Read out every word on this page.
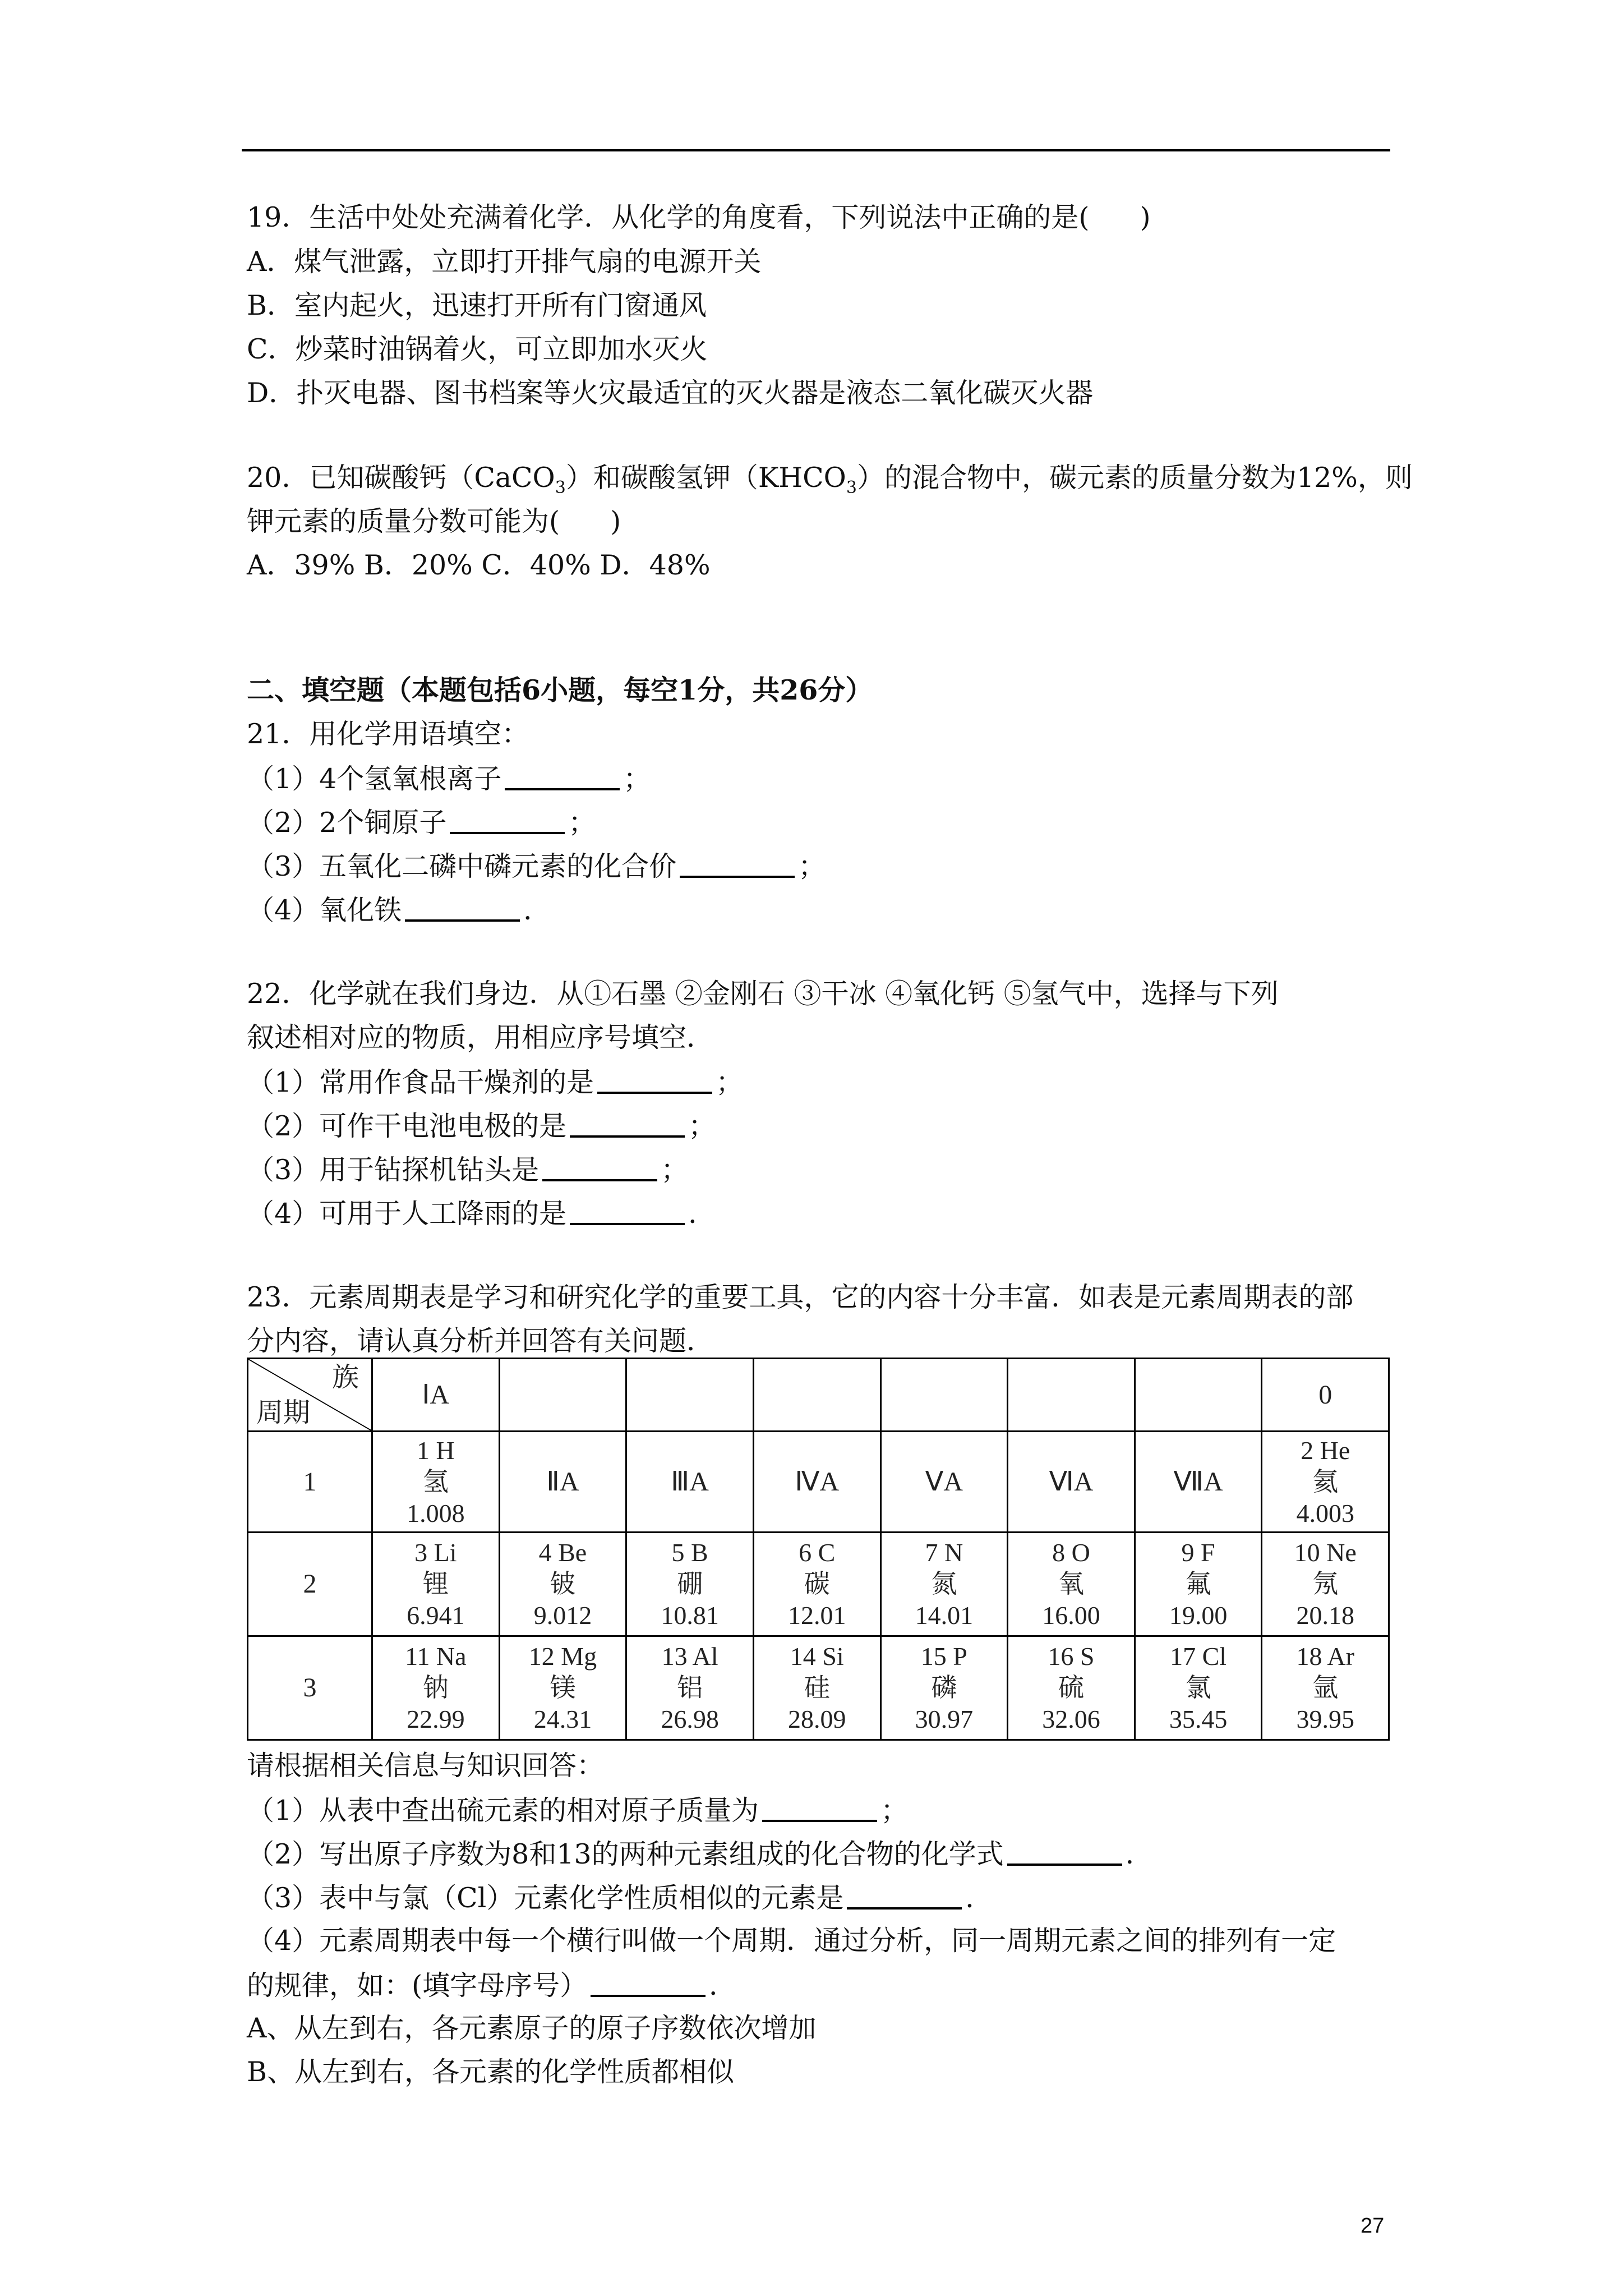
19．生活中处处充满着化学．从化学的角度看，下列说法中正确的是( )
A．煤气泄露，立即打开排气扇的电源开关
B．室内起火，迅速打开所有门窗通风
C．炒菜时油锅着火，可立即加水灭火
D．扑灭电器、图书档案等火灾最适宜的灭火器是液态二氧化碳灭火器
20．已知碳酸钙（CaCO$_3$）和碳酸氢钾$(KHCO_3)$的混合物中，碳元素的质量分数为12%，则
钾元素的质量分数可能为( )
A．39% B．20% C．40% D．48%
二、填空题（本题包括6小题，每空1分，共26分）
21．用化学用语填空：
（1）4个氢氧根离子	；
（2）2个铜原子	；
（3）五氧化二磷中磷元素的化合价	；
（4）氧化铁	．
22．化学就在我们身边．从①石墨 ②金刚石 ③干冰 ④氧化钙 ⑤氢气中，选择与下列
叙述相对应的物质，用相应序号填空．
（1）常用作食品干燥剂的是	；
（2）可作干电池电极的是	；
（3）用于钻探机钻头是	；
（4）可用于人工降雨的是	．
23．元素周期表是学习和研究化学的重要工具，它的内容十分丰富．如表是元素周期表的部
分内容，请认真分析并回答有关问题．
族
周期	ⅠA							0
1	1 H
氢
1.008	ⅡA	ⅢA	ⅣA	ⅤA	ⅥA	ⅦA	2 He
氦
4.003

2	3 Li
锂
6.941	4 Be
铍
9.012	5 B
硼
10.81	6 C
碳
12.01	7 N
氮
14.01	8 O
氧
16.00	9 F
氟
19.00	10 Ne
氖
20.18

3	11 Na
钠
22.99	12 Mg
镁
24.31	13 Al
铝
26.98	14 Si
硅
28.09	15 P
磷
30.97	16 S
硫
32.06	17 Cl
氯
35.45	18 Ar
氩
39.95
请根据相关信息与知识回答：
（1）从表中查出硫元素的相对原子质量为	；
（2）写出原子序数为8和13的两种元素组成的化合物的化学式	．
（3）表中与氯（Cl）元素化学性质相似的元素是	．
（4）元素周期表中每一个横行叫做一个周期．通过分析，同一周期元素之间的排列有一定
的规律，如：(填字母序号）	．
A、从左到右，各元素原子的原子序数依次增加
B、从左到右，各元素的化学性质都相似
27
